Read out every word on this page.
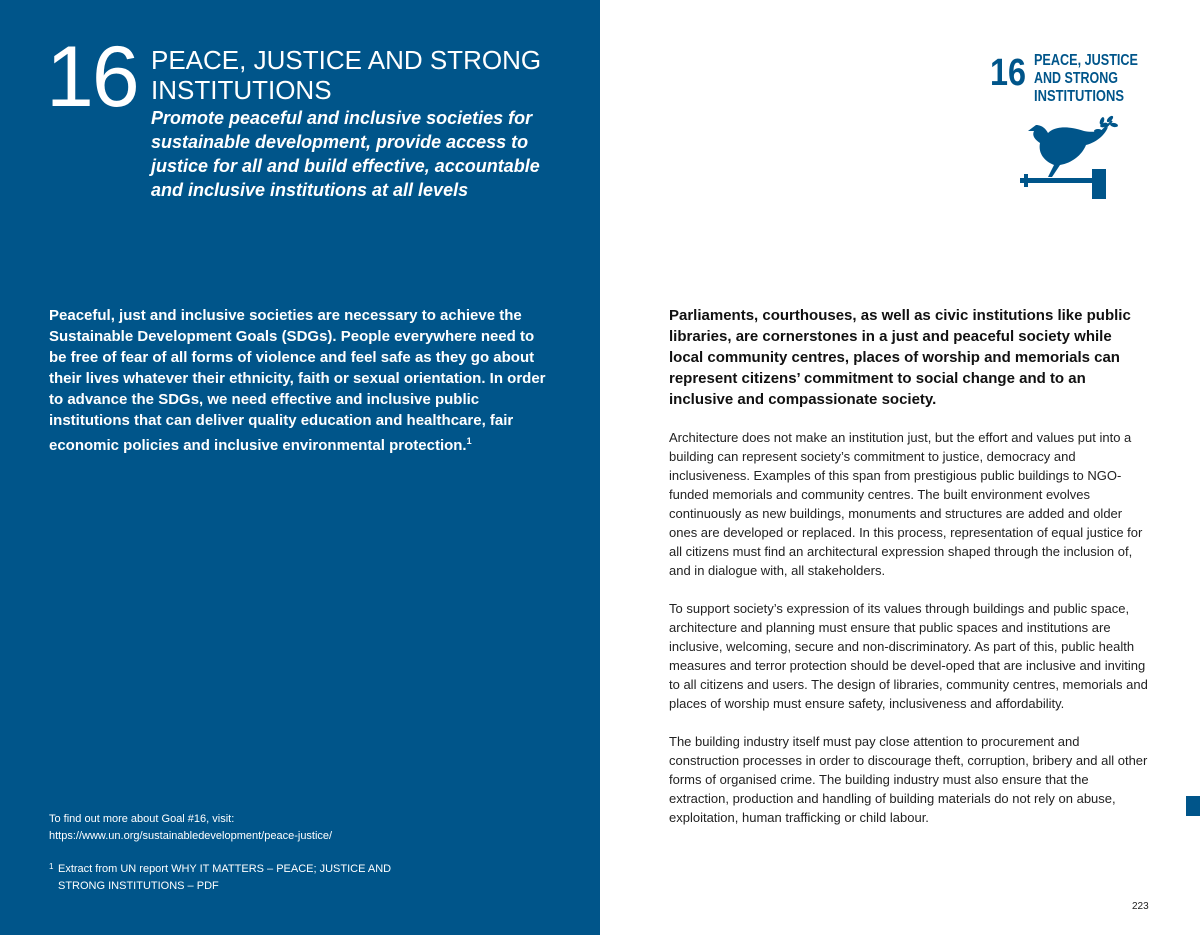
16 PEACE, JUSTICE AND STRONG INSTITUTIONS
Promote peaceful and inclusive societies for sustainable development, provide access to justice for all and build effective, accountable and inclusive institutions at all levels
Peaceful, just and inclusive societies are necessary to achieve the Sustainable Development Goals (SDGs). People everywhere need to be free of fear of all forms of violence and feel safe as they go about their lives whatever their ethnicity, faith or sexual orientation. In order to advance the SDGs, we need effective and inclusive public institutions that can deliver quality education and healthcare, fair economic policies and inclusive environmental protection.$^1$
To find out more about Goal #16, visit:
https://www.un.org/sustainabledevelopment/peace-justice/
1 Extract from UN report WHY IT MATTERS – PEACE; JUSTICE AND STRONG INSTITUTIONS – PDF
16 PEACE, JUSTICE
AND STRONG
INSTITUTIONS
Parliaments, courthouses, as well as civic institutions like public libraries, are cornerstones in a just and peaceful society while local community centres, places of worship and memorials can represent citizens’ commitment to social change and to an inclusive and compassionate society.

Architecture does not make an institution just, but the effort and values put into a building can represent society’s commitment to justice, democracy and inclusiveness. Examples of this span from prestigious public buildings to NGO-funded memorials and community centres. The built environment evolves continuously as new buildings, monuments and structures are added and older ones are developed or replaced. In this process, representation of equal justice for all citizens must find an architectural expression shaped through the inclusion of, and in dialogue with, all stakeholders.

To support society’s expression of its values through buildings and public space, architecture and planning must ensure that public spaces and institutions are inclusive, welcoming, secure and non-discriminatory. As part of this, public health measures and terror protection should be devel-oped that are inclusive and inviting to all citizens and users. The design of libraries, community centres, memorials and places of worship must ensure safety, inclusiveness and affordability.

The building industry itself must pay close attention to procurement and construction processes in order to discourage theft, corruption, bribery and all other forms of organised crime. The building industry must also ensure that the extraction, production and handling of building materials do not rely on abuse, exploitation, human trafficking or child labour.

223
